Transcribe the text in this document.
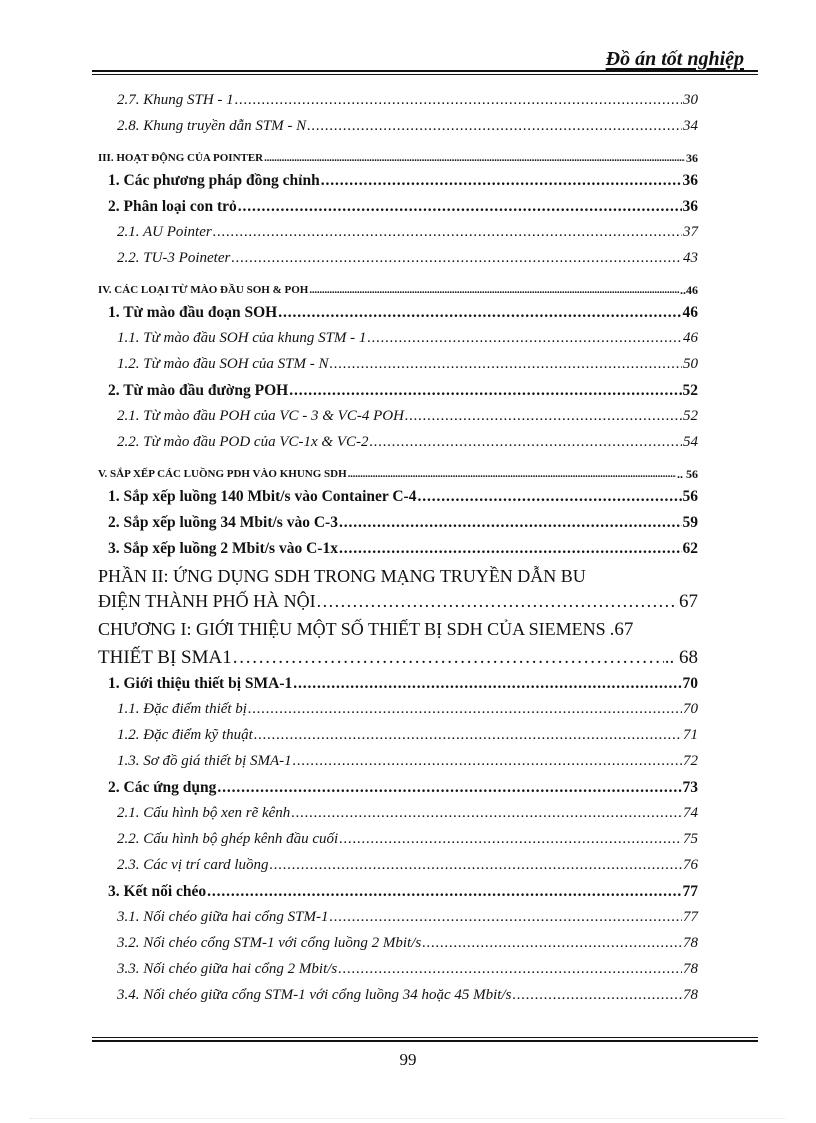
Đồ án tốt nghiệp
2.7. Khung STH - 1 . . .	30
2.8. Khung truyền dẫn STM - N . . .	34
III. HOẠT ĐỘNG CỦA POINTER . . .	36
1. Các phương pháp đồng chỉnh . . .	36
2. Phân loại con trỏ . . .	36
2.1. AU Pointer . . .	37
2.2. TU-3 Poineter . . .	43
IV. CÁC LOẠI TỪ MÀO ĐẦU SOH & POH . . .	..46
1. Từ mào đầu đoạn SOH . . .	46
1.1. Từ mào đầu SOH của khung STM - 1 . . .	46
1.2. Từ mào đầu SOH của STM - N . . .	50
2. Từ mào đầu đường POH . . .	52
2.1. Từ mào đầu POH của VC - 3 & VC-4 POH . . .	52
2.2. Từ mào đầu POD của VC-1x & VC-2 . . .	54
V. SẮP XẾP CÁC LUỒNG PDH VÀO KHUNG SDH . . .	.. 56
1. Sắp xếp luồng 140 Mbit/s vào Container C-4 . . .	56
2. Sắp xếp luồng 34 Mbit/s vào C-3 . . .	59
3. Sắp xếp luồng 2 Mbit/s vào C-1x . . .	62
PHẦN II: ỨNG DỤNG SDH TRONG MẠNG TRUYỀN DẪN BU
ĐIỆN THÀNH PHỐ HÀ NỘI . . .	67
CHƯƠNG I: GIỚI THIỆU MỘT SỐ THIẾT BỊ SDH CỦA SIEMENS .67
THIẾT BỊ SMA1 . . .	.. 68
1. Giới thiệu thiết bị SMA-1 . . .	70
1.1. Đặc điểm thiết bị . . .	70
1.2. Đặc điểm kỹ thuật . . .	71
1.3. Sơ đồ giá thiết bị SMA-1 . . .	72
2. Các ứng dụng . . .	73
2.1. Cấu hình bộ xen rẽ kênh . . .	74
2.2. Cấu hình bộ ghép kênh đầu cuối . . .	75
2.3. Các vị trí card luồng . . .	76
3. Kết nối chéo . . .	77
3.1. Nối chéo giữa hai cổng STM-1 . . .	77
3.2. Nối chéo cổng STM-1 với cổng luồng 2 Mbit/s . . .	78
3.3. Nối chéo giữa hai cổng 2 Mbit/s . . .	78
3.4. Nối chéo giữa cổng STM-1 với cổng luồng 34 hoặc 45 Mbit/s . . .	78
99
